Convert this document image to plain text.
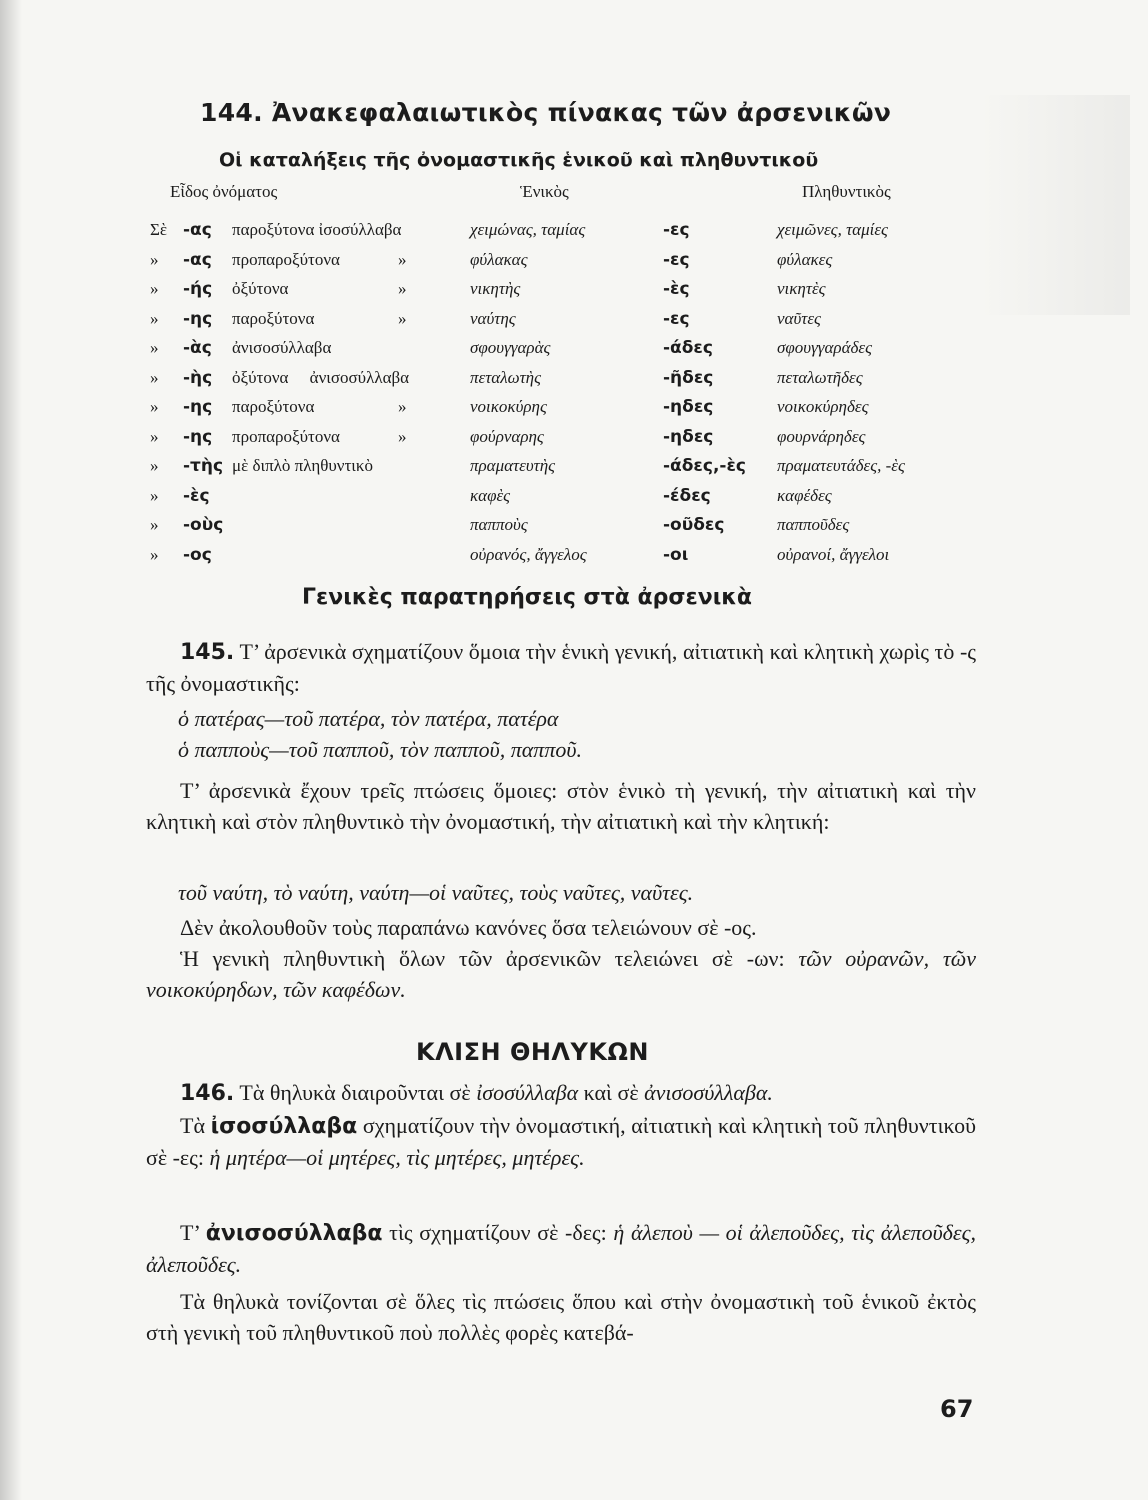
144. Ἀνακεφαλαιωτικὸς πίνακας τῶν ἀρσενικῶν
Οἱ καταλήξεις τῆς ὀνομαστικῆς ἑνικοῦ καὶ πληθυντικοῦ
Εἶδος ὀνόματος	Ἑνικὸς	Πληθυντικὸς
Σὲ -ας παροξύτονα ἰσοσύλλαβα	χειμώνας, ταμίας	-ες	χειμῶνες, ταμίες
» -ας προπαροξύτονα	»	φύλακας	-ες	φύλακες
» -ής ὀξύτονα	»	νικητὴς	-ὲς	νικητὲς
» -ης παροξύτονα	»	ναύτης	-ες	ναῦτες
» -ὰς ἀνισοσύλλαβα	σφουγγαρὰς	-άδες	σφουγγαράδες
» -ὴς ὀξύτονα     ἀνισοσύλλαβα	πεταλωτὴς	-ῆδες	πεταλωτῆδες
» -ης παροξύτονα	»	νοικοκύρης	-ηδες	νοικοκύρηδες
» -ης προπαροξύτονα	»	φούρναρης	-ηδες	φουρνάρηδες
» -τὴς μὲ διπλὸ πληθυντικὸ	πραματευτὴς	-άδες,-ὲς πραματευτάδες, -ὲς
» -ὲς	καφὲς	-έδες	καφέδες
» -οὺς	παπποὺς	-οῦδες	παπποῦδες
» -ος	οὐρανός, ἄγγελος	-οι	οὐρανοί, ἄγγελοι
Γενικὲς παρατηρήσεις στὰ ἀρσενικὰ
145. Τ’ ἀρσενικὰ σχηματίζουν ὅμοια τὴν ἑνικὴ γενική, αἰτιατικὴ καὶ κλητικὴ χωρὶς τὸ -ς τῆς ὀνομαστικῆς:
ὁ πατέρας—τοῦ πατέρα, τὸν πατέρα, πατέρα
ὁ παπποὺς—τοῦ παπποῦ, τὸν παπποῦ, παπποῦ.
Τ’ ἀρσενικὰ ἔχουν τρεῖς πτώσεις ὅμοιες: στὸν ἑνικὸ τὴ γενική, τὴν αἰτιατικὴ καὶ τὴν κλητικὴ καὶ στὸν πληθυντικὸ τὴν ὀνομαστική, τὴν αἰτιατικὴ καὶ τὴν κλητική:
τοῦ ναύτη, τὸ ναύτη, ναύτη—οἱ ναῦτες, τοὺς ναῦτες, ναῦτες.
Δὲν ἀκολουθοῦν τοὺς παραπάνω κανόνες ὅσα τελειώνουν σὲ -ος.
Ἡ γενικὴ πληθυντικὴ ὅλων τῶν ἀρσενικῶν τελειώνει σὲ -ων: τῶν οὐρανῶν, τῶν νοικοκύρηδων, τῶν καφέδων.
ΚΛΙΣΗ ΘΗΛΥΚΩΝ
146. Τὰ θηλυκὰ διαιροῦνται σὲ ἰσοσύλλαβα καὶ σὲ ἀνισοσύλλαβα.
Τὰ ἰσοσύλλαβα σχηματίζουν τὴν ὀνομαστική, αἰτιατικὴ καὶ κλητικὴ τοῦ πληθυντικοῦ σὲ -ες: ἡ μητέρα—οἱ μητέρες, τὶς μητέρες, μητέρες.
Τ’ ἀνισοσύλλαβα τὶς σχηματίζουν σὲ -δες: ἡ ἀλεποὺ — οἱ ἀλεποῦδες, τὶς ἀλεποῦδες, ἀλεποῦδες.
Τὰ θηλυκὰ τονίζονται σὲ ὅλες τὶς πτώσεις ὅπου καὶ στὴν ὀνομαστικὴ τοῦ ἑνικοῦ ἐκτὸς στὴ γενικὴ τοῦ πληθυντικοῦ ποὺ πολλὲς φορὲς κατεβά-
67
